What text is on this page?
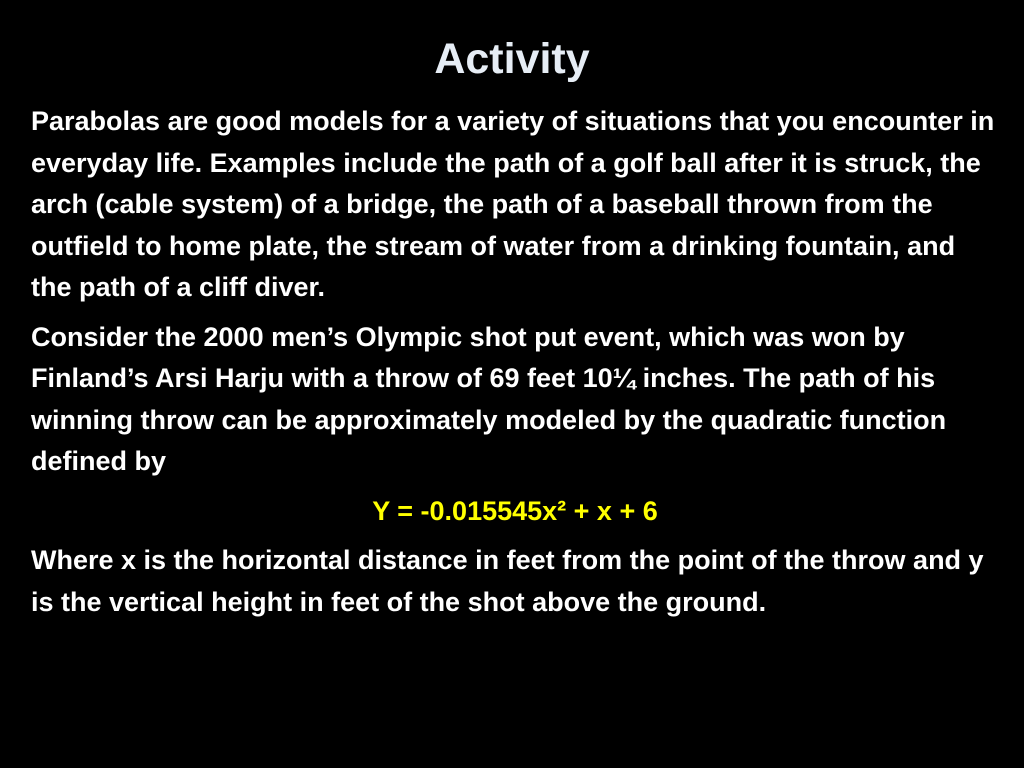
Activity

Parabolas are good models for a variety of situations that you encounter in everyday life. Examples include the path of a golf ball after it is struck, the arch (cable system) of a bridge, the path of a baseball thrown from the outfield to home plate, the stream of water from a drinking fountain, and the path of a cliff diver.

Consider the 2000 men’s Olympic shot put event, which was won by Finland’s Arsi Harju with a throw of 69 feet 10¼ inches. The path of his winning throw can be approximately modeled by the quadratic function defined by

Y = -0.015545x² + x + 6

Where x is the horizontal distance in feet from the point of the throw and y is the vertical height in feet of the shot above the ground.
